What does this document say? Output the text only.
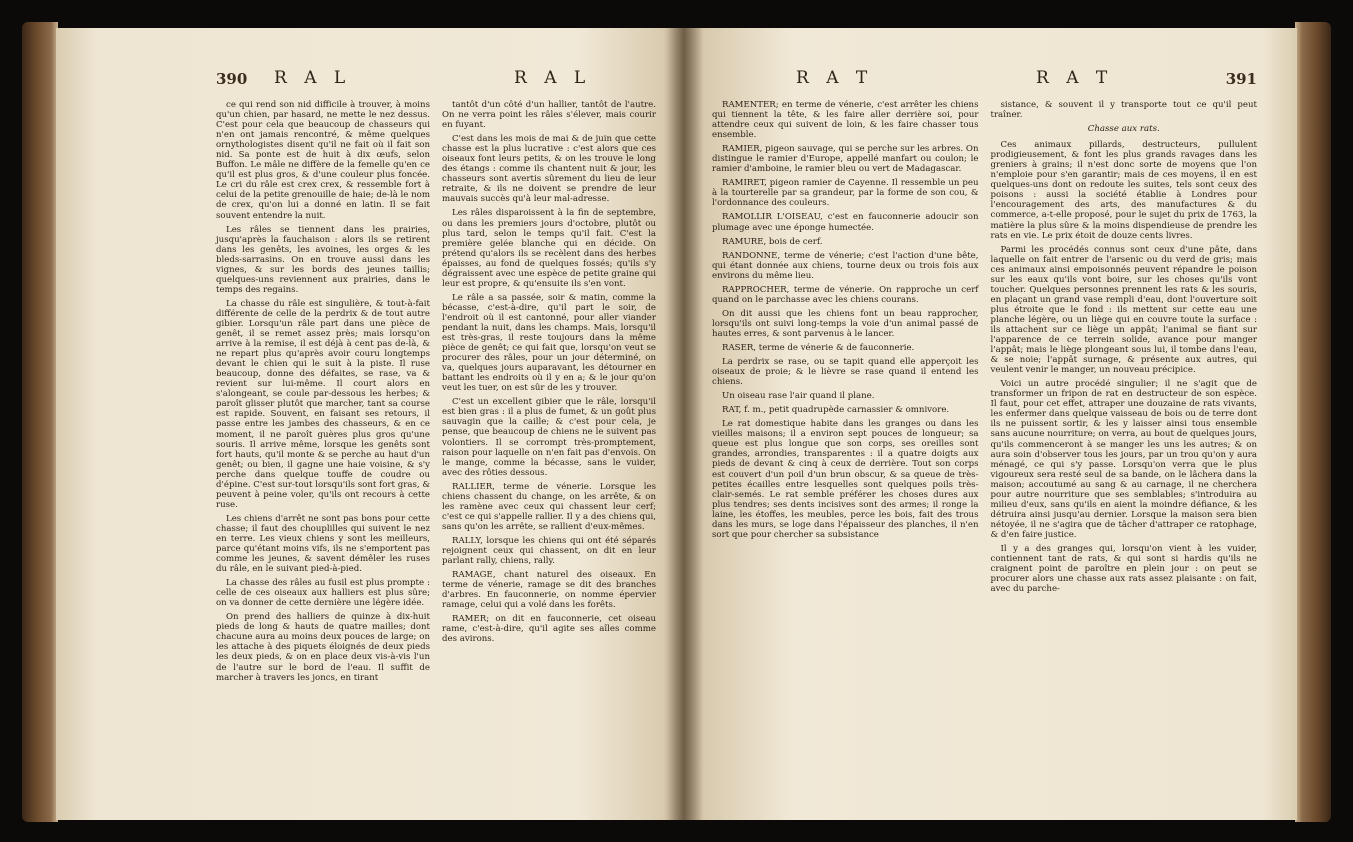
390 R A L	R A L

ce qui rend son nid difficile à trouver, à moins qu'un chien, par hasard, ne mette le nez dessus. C'est pour cela que beaucoup de chasseurs qui n'en ont jamais rencontré, & même quelques ornythologistes disent qu'il ne fait où il fait son nid. Sa ponte est de huit à dix œufs, selon Buffon. Le mâle ne diffère de la femelle qu'en ce qu'il est plus gros, & d'une couleur plus foncée. Le cri du râle est crex crex, & ressemble fort à celui de la petite grenouille de haie; de-là le nom de crex, qu'on lui a donné en latin. Il se fait souvent entendre la nuit.

Les râles se tiennent dans les prairies, jusqu'après la fauchaison : alors ils se retirent dans les genêts, les avoines, les orges & les bleds-sarrasins. On en trouve aussi dans les vignes, & sur les bords des jeunes taillis; quelques-uns reviennent aux prairies, dans le temps des regains.

La chasse du râle est singulière, & tout-à-fait différente de celle de la perdrix & de tout autre gibier. Lorsqu'un râle part dans une pièce de genêt, il se remet assez près; mais lorsqu'on arrive à la remise, il est déjà à cent pas de-là, & ne repart plus qu'après avoir couru longtemps devant le chien qui le suit à la piste. Il ruse beaucoup, donne des défaites, se rase, va & revient sur lui-même. Il court alors en s'alongeant, se coule par-dessous les herbes; & paroît glisser plutôt que marcher, tant sa course est rapide. Souvent, en faisant ses retours, il passe entre les jambes des chasseurs, & en ce moment, il ne paroît guères plus gros qu'une souris. Il arrive même, lorsque les genêts sont fort hauts, qu'il monte & se perche au haut d'un genêt; ou bien, il gagne une haie voisine, & s'y perche dans quelque touffe de coudre ou d'épine. C'est sur-tout lorsqu'ils sont fort gras, & peuvent à peine voler, qu'ils ont recours à cette ruse.

Les chiens d'arrêt ne sont pas bons pour cette chasse; il faut des chouplilles qui suivent le nez en terre. Les vieux chiens y sont les meilleurs, parce qu'étant moins vifs, ils ne s'emportent pas comme les jeunes, & savent démêler les ruses du râle, en le suivant pied-à-pied.

La chasse des râles au fusil est plus prompte : celle de ces oiseaux aux halliers est plus sûre; on va donner de cette dernière une légère idée.

On prend des halliers de quinze à dix-huit pieds de long & hauts de quatre mailles; dont chacune aura au moins deux pouces de large; on les attache à des piquets éloignés de deux pieds les deux pieds, & on en place deux vis-à-vis l'un de l'autre sur le bord de l'eau. Il suffit de marcher à travers les joncs, en tirant

tantôt d'un côté d'un hallier, tantôt de l'autre. On ne verra point les râles s'élever, mais courir en fuyant.

C'est dans les mois de mai & de juin que cette chasse est la plus lucrative : c'est alors que ces oiseaux font leurs petits, & on les trouve le long des étangs : comme ils chantent nuit & jour, les chasseurs sont avertis sûrement du lieu de leur retraite, & ils ne doivent se prendre de leur mauvais succès qu'à leur mal-adresse.

Les râles disparoissent à la fin de septembre, ou dans les premiers jours d'octobre, plutôt ou plus tard, selon le temps qu'il fait. C'est la première gelée blanche qui en décide. On prétend qu'alors ils se recèlent dans des herbes épaisses, au fond de quelques fossés; qu'ils s'y dégraissent avec une espèce de petite graine qui leur est propre, & qu'ensuite ils s'en vont.

Le râle a sa passée, soir & matin, comme la bécasse, c'est-à-dire, qu'il part le soir, de l'endroit où il est cantonné, pour aller viander pendant la nuit, dans les champs. Mais, lorsqu'il est très-gras, il reste toujours dans la même pièce de genêt; ce qui fait que, lorsqu'on veut se procurer des râles, pour un jour déterminé, on va, quelques jours auparavant, les détourner en battant les endroits où il y en a; & le jour qu'on veut les tuer, on est sûr de les y trouver.

C'est un excellent gibier que le râle, lorsqu'il est bien gras : il a plus de fumet, & un goût plus sauvagin que la caille; & c'est pour cela, je pense, que beaucoup de chiens ne le suivent pas volontiers. Il se corrompt très-promptement, raison pour laquelle on n'en fait pas d'envois. On le mange, comme la bécasse, sans le vuider, avec des rôties dessous.

RALLIER, terme de vénerie. Lorsque les chiens chassent du change, on les arrête, & on les ramène avec ceux qui chassent leur cerf; c'est ce qui s'appelle rallier. Il y a des chiens qui, sans qu'on les arrête, se rallient d'eux-mêmes.

RALLY, lorsque les chiens qui ont été séparés rejoignent ceux qui chassent, on dit en leur parlant rally, chiens, rally.

RAMAGE, chant naturel des oiseaux. En terme de vénerie, ramage se dit des branches d'arbres. En fauconnerie, on nomme épervier ramage, celui qui a volé dans les forêts.

RAMER; on dit en fauconnerie, cet oiseau rame, c'est-à-dire, qu'il agite ses aîles comme des avirons.

R A T	R A T	391

RAMENTER; en terme de vénerie, c'est arrêter les chiens qui tiennent la tête, & les faire aller derrière soi, pour attendre ceux qui suivent de loin, & les faire chasser tous ensemble.

RAMIER, pigeon sauvage, qui se perche sur les arbres. On distingue le ramier d'Europe, appellé manfart ou coulon; le ramier d'amboine, le ramier bleu ou vert de Madagascar.

RAMIRET, pigeon ramier de Cayenne. Il ressemble un peu à la tourterelle par sa grandeur, par la forme de son cou, & l'ordonnance des couleurs.

RAMOLLIR L'OISEAU, c'est en fauconnerie adoucir son plumage avec une éponge humectée.

RAMURE, bois de cerf.

RANDONNE, terme de vénerie; c'est l'action d'une bête, qui étant donnée aux chiens, tourne deux ou trois fois aux environs du même lieu.

RAPPROCHER, terme de vénerie. On rapproche un cerf quand on le parchasse avec les chiens courans.

On dit aussi que les chiens font un beau rapprocher, lorsqu'ils ont suivi long-temps la voie d'un animal passé de hautes erres, & sont parvenus à le lancer.

RASER, terme de vénerie & de fauconnerie.

La perdrix se rase, ou se tapit quand elle apperçoit les oiseaux de proie; & le lièvre se rase quand il entend les chiens.

Un oiseau rase l'air quand il plane.

RAT, f. m., petit quadrupède carnassier & omnivore.

Le rat domestique habite dans les granges ou dans les vieilles maisons; il a environ sept pouces de longueur; sa queue est plus longue que son corps, ses oreilles sont grandes, arrondies, transparentes : il a quatre doigts aux pieds de devant & cinq à ceux de derrière. Tout son corps est couvert d'un poil d'un brun obscur, & sa queue de très-petites écailles entre lesquelles sont quelques poils très-clair-semés. Le rat semble préférer les choses dures aux plus tendres; ses dents incisives sont des armes; il ronge la laine, les étoffes, les meubles, perce les bois, fait des trous dans les murs, se loge dans l'épaisseur des planches, il n'en sort que pour chercher sa subsistance

sistance, & souvent il y transporte tout ce qu'il peut traîner.

Chasse aux rats.

Ces animaux pillards, destructeurs, pullulent prodigieusement, & font les plus grands ravages dans les greniers à grains; il n'est donc sorte de moyens que l'on n'emploie pour s'en garantir; mais de ces moyens, il en est quelques-uns dont on redoute les suites, tels sont ceux des poisons : aussi la société établie à Londres pour l'encouragement des arts, des manufactures & du commerce, a-t-elle proposé, pour le sujet du prix de 1763, la matière la plus sûre & la moins dispendieuse de prendre les rats en vie. Le prix étoit de douze cents livres.

Parmi les procédés connus sont ceux d'une pâte, dans laquelle on fait entrer de l'arsenic ou du verd de gris; mais ces animaux ainsi empoisonnés peuvent répandre le poison sur les eaux qu'ils vont boire, sur les choses qu'ils vont toucher. Quelques personnes prennent les rats & les souris, en plaçant un grand vase rempli d'eau, dont l'ouverture soit plus étroite que le fond : ils mettent sur cette eau une planche légère, ou un liège qui en couvre toute la surface : ils attachent sur ce liège un appât; l'animal se fiant sur l'apparence de ce terrein solide, avance pour manger l'appât; mais le liège plongeant sous lui, il tombe dans l'eau, & se noie; l'appât surnage, & présente aux autres, qui veulent venir le manger, un nouveau précipice.

Voici un autre procédé singulier; il ne s'agit que de transformer un fripon de rat en destructeur de son espèce. Il faut, pour cet effet, attraper une douzaine de rats vivants, les enfermer dans quelque vaisseau de bois ou de terre dont ils ne puissent sortir, & les y laisser ainsi tous ensemble sans aucune nourriture; on verra, au bout de quelques jours, qu'ils commenceront à se manger les uns les autres; & on aura soin d'observer tous les jours, par un trou qu'on y aura ménagé, ce qui s'y passe. Lorsqu'on verra que le plus vigoureux sera resté seul de sa bande, on le lâchera dans la maison; accoutumé au sang & au carnage, il ne cherchera pour autre nourriture que ses semblables; s'introduira au milieu d'eux, sans qu'ils en aient la moindre défiance, & les détruira ainsi jusqu'au dernier. Lorsque la maison sera bien nétoyée, il ne s'agira que de tâcher d'attraper ce ratophage, & d'en faire justice.

Il y a des granges qui, lorsqu'on vient à les vuider, contiennent tant de rats, & qui sont si hardis qu'ils ne craignent point de paroître en plein jour : on peut se procurer alors une chasse aux rats assez plaisante : on fait, avec du parche-
